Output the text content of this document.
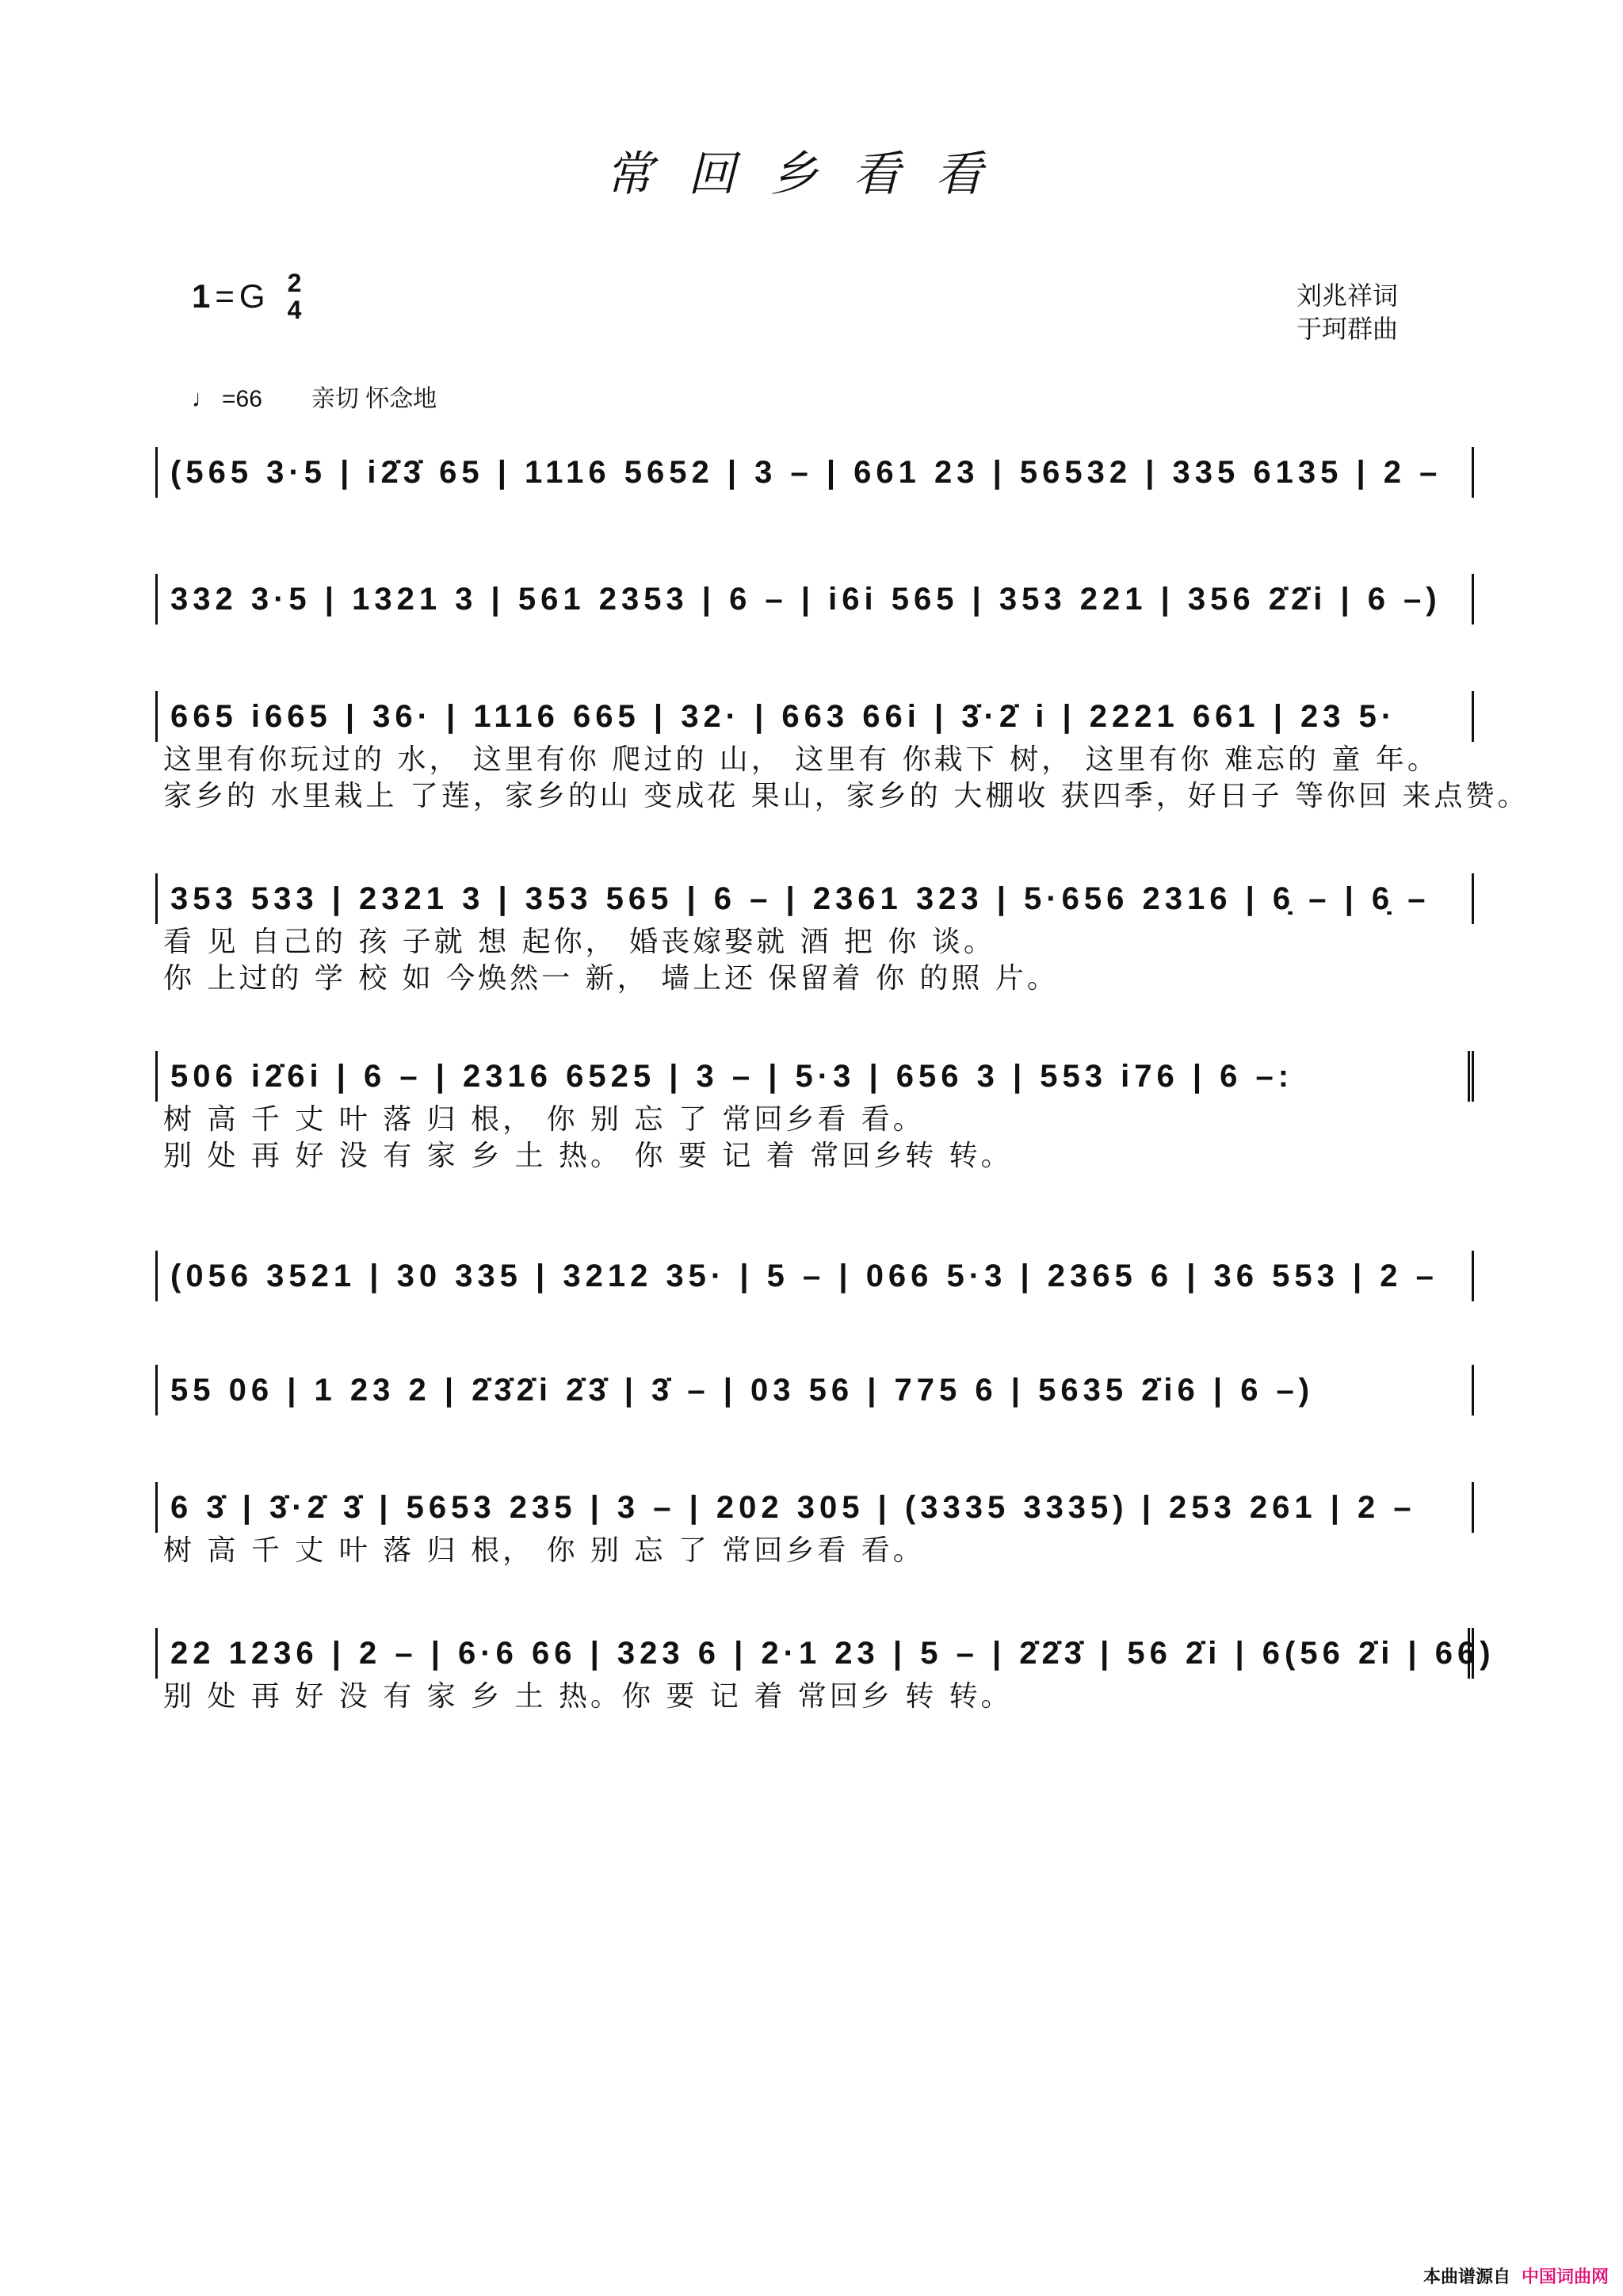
常回乡看看
1 = G 2
4	刘兆祥词
于珂群曲
♩ =66 亲切 怀念地
(565 3·5 | i2̇3̇ 65 | 1116 5652 | 3 – | 661 23 | 56532 | 335 6135 | 2 –
332 3·5 | 1321 3 | 561 2353 | 6 – | i6i 565 | 353 221 | 356 2̇2̇i | 6 –)
665 i665 | 36· | 1116 665 | 32· | 663 66i | 3̇·2̇ i | 2221 661 | 23 5·
这里有你玩过的 水， 这里有你 爬过的 山， 这里有 你栽下 树， 这里有你 难忘的 童 年。
家乡的 水里栽上 了莲，家乡的山 变成花 果山，家乡的 大棚收 获四季，好日子 等你回 来点赞。
353 533 | 2321 3 | 353 565 | 6 – | 2361 323 | 5·656 2316 | 6̣ – | 6̣ –
看 见 自己的 孩 子就 想 起你， 婚丧嫁娶就 酒 把 你 谈。
你 上过的 学 校 如 今焕然一 新， 墙上还 保留着 你 的照 片。
506 i2̇6i | 6 – | 2316 6525 | 3 – | 5·3 | 656 3 | 553 i76 | 6 –:
树 高 千 丈 叶 落 归 根， 你 别 忘 了 常回乡看 看。
别 处 再 好 没 有 家 乡 土 热。 你 要 记 着 常回乡转 转。
(056 3521 | 30 335 | 3212 35· | 5 – | 066 5·3 | 2365 6 | 36 553 | 2 –
55 06 | 1 23 2 | 2̇3̇2̇i 2̇3̇ | 3̇ – | 03 56 | 775 6 | 5635 2̇i6 | 6 –)
6 3̇ | 3̇·2̇ 3̇ | 5653 235 | 3 – | 202 305 | (3335 3335) | 253 261 | 2 –
树 高 千 丈 叶 落 归 根， 你 别 忘 了 常回乡看 看。
22 1236 | 2 – | 6·6 66 | 323 6 | 2·1 23 | 5 – | 2̇2̇3̇ | 56 2̇i | 6(56 2̇i | 66)
别 处 再 好 没 有 家 乡 土 热。你 要 记 着 常回乡 转 转。
本曲谱源自 中国词曲网
